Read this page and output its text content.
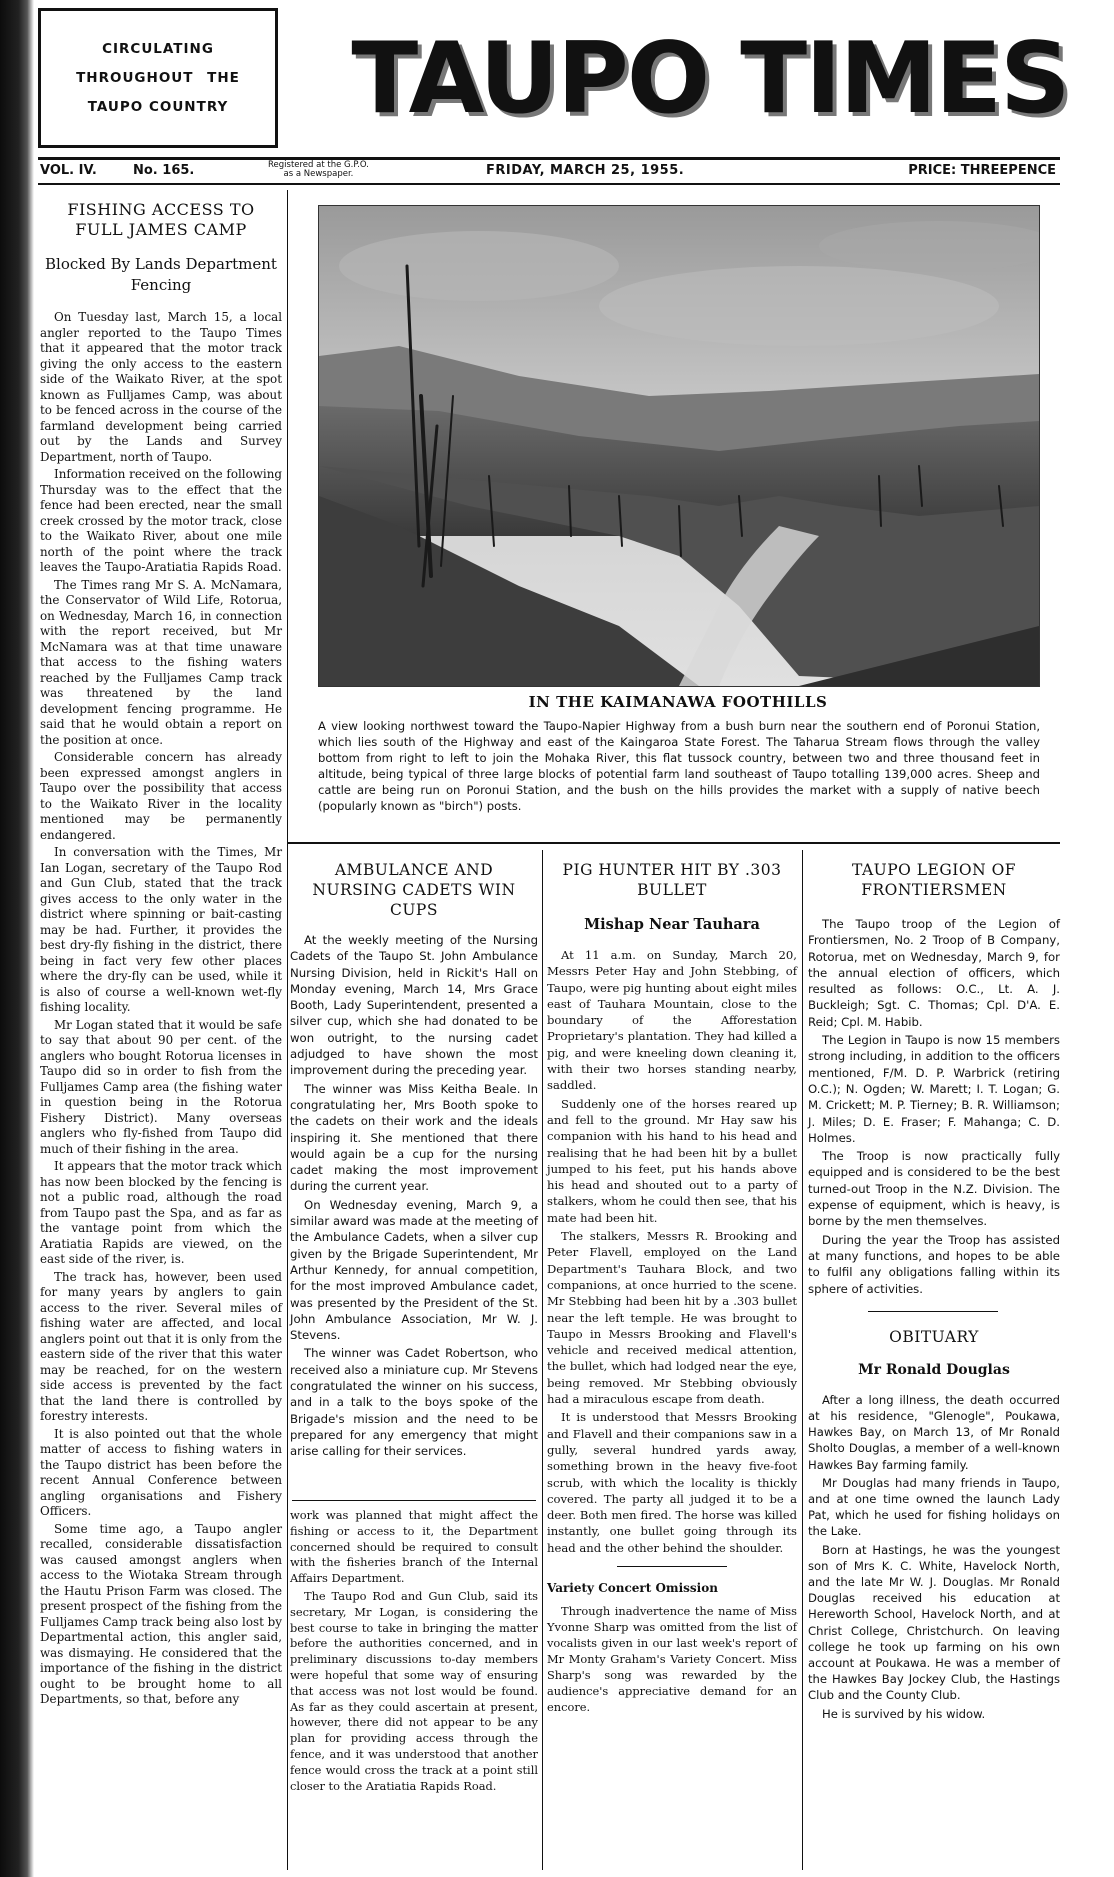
CIRCULATING
THROUGHOUT THE
TAUPO COUNTRY TAUPO TIMES
VOL. IV.	No. 165.	Registered at the G.P.O.
as a Newspaper.	FRIDAY, MARCH 25, 1955.	PRICE: THREEPENCE
FISHING ACCESS TO FULL JAMES CAMP
Blocked By Lands Department Fencing

On Tuesday last, March 15, a local angler reported to the Taupo Times that it appeared that the motor track giving the only access to the eastern side of the Waikato River, at the spot known as Fulljames Camp, was about to be fenced across in the course of the farmland development being carried out by the Lands and Survey Department, north of Taupo.

Information received on the following Thursday was to the effect that the fence had been erected, near the small creek crossed by the motor track, close to the Waikato River, about one mile north of the point where the track leaves the Taupo-Aratiatia Rapids Road.

The Times rang Mr S. A. McNamara, the Conservator of Wild Life, Rotorua, on Wednesday, March 16, in connection with the report received, but Mr McNamara was at that time unaware that access to the fishing waters reached by the Fulljames Camp track was threatened by the land development fencing programme. He said that he would obtain a report on the position at once.

Considerable concern has already been expressed amongst anglers in Taupo over the possibility that access to the Waikato River in the locality mentioned may be permanently endangered.

In conversation with the Times, Mr Ian Logan, secretary of the Taupo Rod and Gun Club, stated that the track gives access to the only water in the district where spinning or bait-casting may be had. Further, it provides the best dry-fly fishing in the district, there being in fact very few other places where the dry-fly can be used, while it is also of course a well-known wet-fly fishing locality.

Mr Logan stated that it would be safe to say that about 90 per cent. of the anglers who bought Rotorua licenses in Taupo did so in order to fish from the Fulljames Camp area (the fishing water in question being in the Rotorua Fishery District). Many overseas anglers who fly-fished from Taupo did much of their fishing in the area.

It appears that the motor track which has now been blocked by the fencing is not a public road, although the road from Taupo past the Spa, and as far as the vantage point from which the Aratiatia Rapids are viewed, on the east side of the river, is.

The track has, however, been used for many years by anglers to gain access to the river. Several miles of fishing water are affected, and local anglers point out that it is only from the eastern side of the river that this water may be reached, for on the western side access is prevented by the fact that the land there is controlled by forestry interests.

It is also pointed out that the whole matter of access to fishing waters in the Taupo district has been before the recent Annual Conference between angling organisations and Fishery Officers.

Some time ago, a Taupo angler recalled, considerable dissatisfaction was caused amongst anglers when access to the Wiotaka Stream through the Hautu Prison Farm was closed. The present prospect of the fishing from the Fulljames Camp track being also lost by Departmental action, this angler said, was dismaying. He considered that the importance of the fishing in the district ought to be brought home to all Departments, so that, before any

IN THE KAIMANAWA FOOTHILLS
A view looking northwest toward the Taupo-Napier Highway from a bush burn near the southern end of Poronui Station, which lies south of the Highway and east of the Kaingaroa State Forest. The Taharua Stream flows through the valley bottom from right to left to join the Mohaka River, this flat tussock country, between two and three thousand feet in altitude, being typical of three large blocks of potential farm land southeast of Taupo totalling 139,000 acres. Sheep and cattle are being run on Poronui Station, and the bush on the hills provides the market with a supply of native beech (popularly known as "birch") posts.
AMBULANCE AND NURSING CADETS WIN CUPS

At the weekly meeting of the Nursing Cadets of the Taupo St. John Ambulance Nursing Division, held in Rickit's Hall on Monday evening, March 14, Mrs Grace Booth, Lady Superintendent, presented a silver cup, which she had donated to be won outright, to the nursing cadet adjudged to have shown the most improvement during the preceding year.

The winner was Miss Keitha Beale. In congratulating her, Mrs Booth spoke to the cadets on their work and the ideals inspiring it. She mentioned that there would again be a cup for the nursing cadet making the most improvement during the current year.

On Wednesday evening, March 9, a similar award was made at the meeting of the Ambulance Cadets, when a silver cup given by the Brigade Superintendent, Mr Arthur Kennedy, for annual competition, for the most improved Ambulance cadet, was presented by the President of the St. John Ambulance Association, Mr W. J. Stevens.

The winner was Cadet Robertson, who received also a miniature cup. Mr Stevens congratulated the winner on his success, and in a talk to the boys spoke of the Brigade's mission and the need to be prepared for any emergency that might arise calling for their services.

work was planned that might affect the fishing or access to it, the Department concerned should be required to consult with the fisheries branch of the Internal Affairs Department.

The Taupo Rod and Gun Club, said its secretary, Mr Logan, is considering the best course to take in bringing the matter before the authorities concerned, and in preliminary discussions to-day members were hopeful that some way of ensuring that access was not lost would be found. As far as they could ascertain at present, however, there did not appear to be any plan for providing access through the fence, and it was understood that another fence would cross the track at a point still closer to the Aratiatia Rapids Road.

PIG HUNTER HIT BY .303 BULLET
Mishap Near Tauhara

At 11 a.m. on Sunday, March 20, Messrs Peter Hay and John Stebbing, of Taupo, were pig hunting about eight miles east of Tauhara Mountain, close to the boundary of the Afforestation Proprietary's plantation. They had killed a pig, and were kneeling down cleaning it, with their two horses standing nearby, saddled.

Suddenly one of the horses reared up and fell to the ground. Mr Hay saw his companion with his hand to his head and realising that he had been hit by a bullet jumped to his feet, put his hands above his head and shouted out to a party of stalkers, whom he could then see, that his mate had been hit.

The stalkers, Messrs R. Brooking and Peter Flavell, employed on the Land Department's Tauhara Block, and two companions, at once hurried to the scene. Mr Stebbing had been hit by a .303 bullet near the left temple. He was brought to Taupo in Messrs Brooking and Flavell's vehicle and received medical attention, the bullet, which had lodged near the eye, being removed. Mr Stebbing obviously had a miraculous escape from death.

It is understood that Messrs Brooking and Flavell and their companions saw in a gully, several hundred yards away, something brown in the heavy five-foot scrub, with which the locality is thickly covered. The party all judged it to be a deer. Both men fired. The horse was killed instantly, one bullet going through its head and the other behind the shoulder.

Variety Concert Omission

Through inadvertence the name of Miss Yvonne Sharp was omitted from the list of vocalists given in our last week's report of Mr Monty Graham's Variety Concert. Miss Sharp's song was rewarded by the audience's appreciative demand for an encore.

TAUPO LEGION OF FRONTIERSMEN

The Taupo troop of the Legion of Frontiersmen, No. 2 Troop of B Company, Rotorua, met on Wednesday, March 9, for the annual election of officers, which resulted as follows: O.C., Lt. A. J. Buckleigh; Sgt. C. Thomas; Cpl. D'A. E. Reid; Cpl. M. Habib.

The Legion in Taupo is now 15 members strong including, in addition to the officers mentioned, F/M. D. P. Warbrick (retiring O.C.); N. Ogden; W. Marett; I. T. Logan; G. M. Crickett; M. P. Tierney; B. R. Williamson; J. Miles; D. E. Fraser; F. Mahanga; C. D. Holmes.

The Troop is now practically fully equipped and is considered to be the best turned-out Troop in the N.Z. Division. The expense of equipment, which is heavy, is borne by the men themselves.

During the year the Troop has assisted at many functions, and hopes to be able to fulfil any obligations falling within its sphere of activities.

OBITUARY
Mr Ronald Douglas

After a long illness, the death occurred at his residence, "Glenogle", Poukawa, Hawkes Bay, on March 13, of Mr Ronald Sholto Douglas, a member of a well-known Hawkes Bay farming family.

Mr Douglas had many friends in Taupo, and at one time owned the launch Lady Pat, which he used for fishing holidays on the Lake.

Born at Hastings, he was the youngest son of Mrs K. C. White, Havelock North, and the late Mr W. J. Douglas. Mr Ronald Douglas received his education at Hereworth School, Havelock North, and at Christ College, Christchurch. On leaving college he took up farming on his own account at Poukawa. He was a member of the Hawkes Bay Jockey Club, the Hastings Club and the County Club.

He is survived by his widow.
